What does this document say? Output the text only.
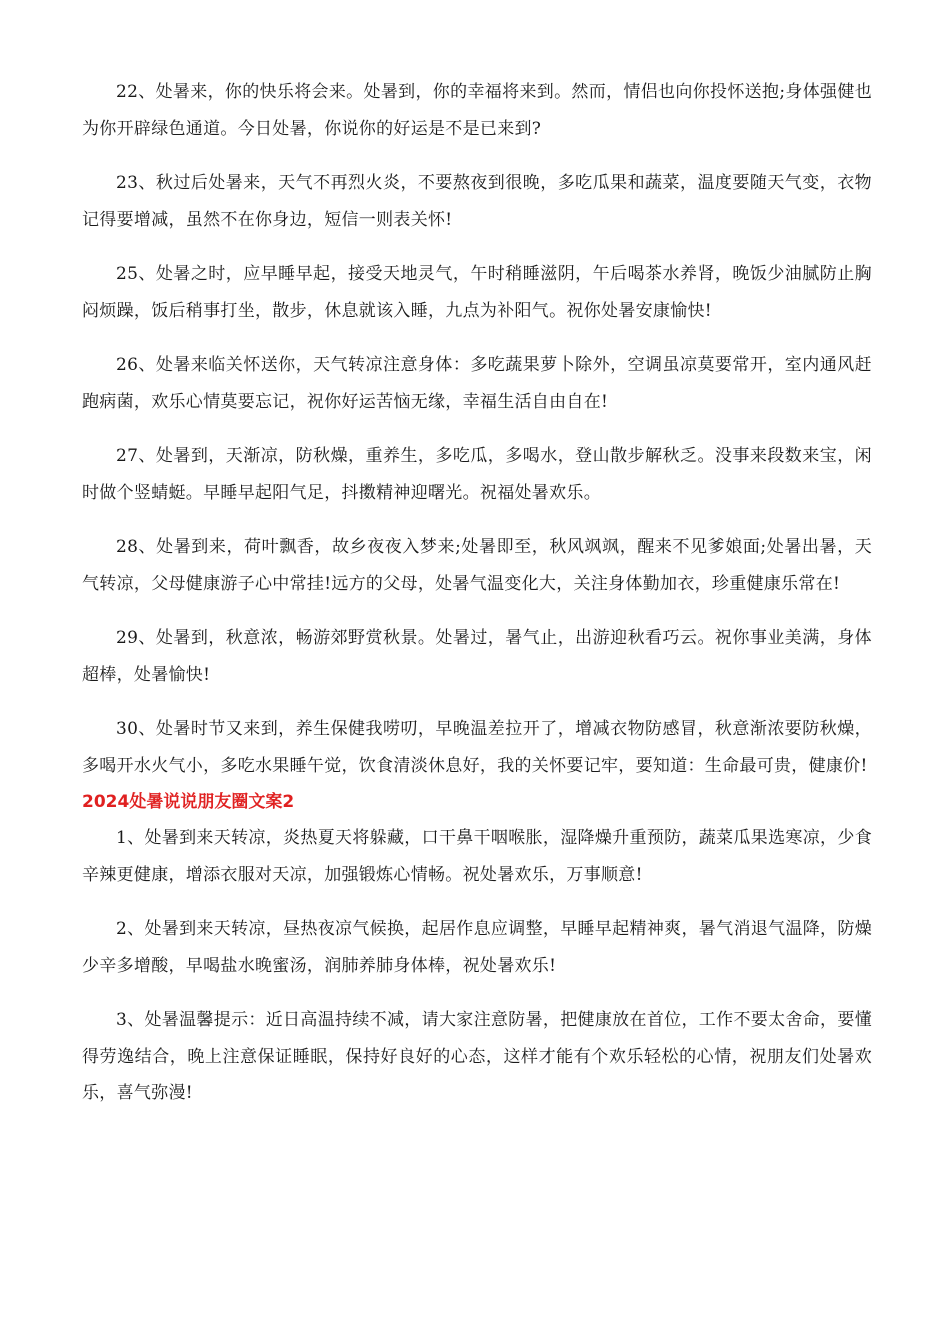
22、处暑来，你的快乐将会来。处暑到，你的幸福将来到。然而，情侣也向你投怀送抱;身体强健也为你开辟绿色通道。今日处暑，你说你的好运是不是已来到?

23、秋过后处暑来，天气不再烈火炎，不要熬夜到很晚，多吃瓜果和蔬菜，温度要随天气变，衣物记得要增减，虽然不在你身边，短信一则表关怀!

25、处暑之时，应早睡早起，接受天地灵气，午时稍睡滋阴，午后喝茶水养肾，晚饭少油腻防止胸闷烦躁，饭后稍事打坐，散步，休息就该入睡，九点为补阳气。祝你处暑安康愉快!

26、处暑来临关怀送你，天气转凉注意身体：多吃蔬果萝卜除外，空调虽凉莫要常开，室内通风赶跑病菌，欢乐心情莫要忘记，祝你好运苦恼无缘，幸福生活自由自在!

27、处暑到，天渐凉，防秋燥，重养生，多吃瓜，多喝水，登山散步解秋乏。没事来段数来宝，闲时做个竖蜻蜓。早睡早起阳气足，抖擞精神迎曙光。祝福处暑欢乐。

28、处暑到来，荷叶飘香，故乡夜夜入梦来;处暑即至，秋风飒飒，醒来不见爹娘面;处暑出暑，天气转凉，父母健康游子心中常挂!远方的父母，处暑气温变化大，关注身体勤加衣，珍重健康乐常在!

29、处暑到，秋意浓，畅游郊野赏秋景。处暑过，暑气止，出游迎秋看巧云。祝你事业美满，身体超棒，处暑愉快!

30、处暑时节又来到，养生保健我唠叨，早晚温差拉开了，增减衣物防感冒，秋意渐浓要防秋燥，多喝开水火气小，多吃水果睡午觉，饮食清淡休息好，我的关怀要记牢，要知道：生命最可贵，健康价!

2024处暑说说朋友圈文案2

1、处暑到来天转凉，炎热夏天将躲藏，口干鼻干咽喉胀，湿降燥升重预防，蔬菜瓜果选寒凉，少食辛辣更健康，增添衣服对天凉，加强锻炼心情畅。祝处暑欢乐，万事顺意!

2、处暑到来天转凉，昼热夜凉气候换，起居作息应调整，早睡早起精神爽，暑气消退气温降，防燥少辛多增酸，早喝盐水晚蜜汤，润肺养肺身体棒，祝处暑欢乐!

3、处暑温馨提示：近日高温持续不减，请大家注意防暑，把健康放在首位，工作不要太舍命，要懂得劳逸结合，晚上注意保证睡眠，保持好良好的心态，这样才能有个欢乐轻松的心情，祝朋友们处暑欢乐，喜气弥漫!
